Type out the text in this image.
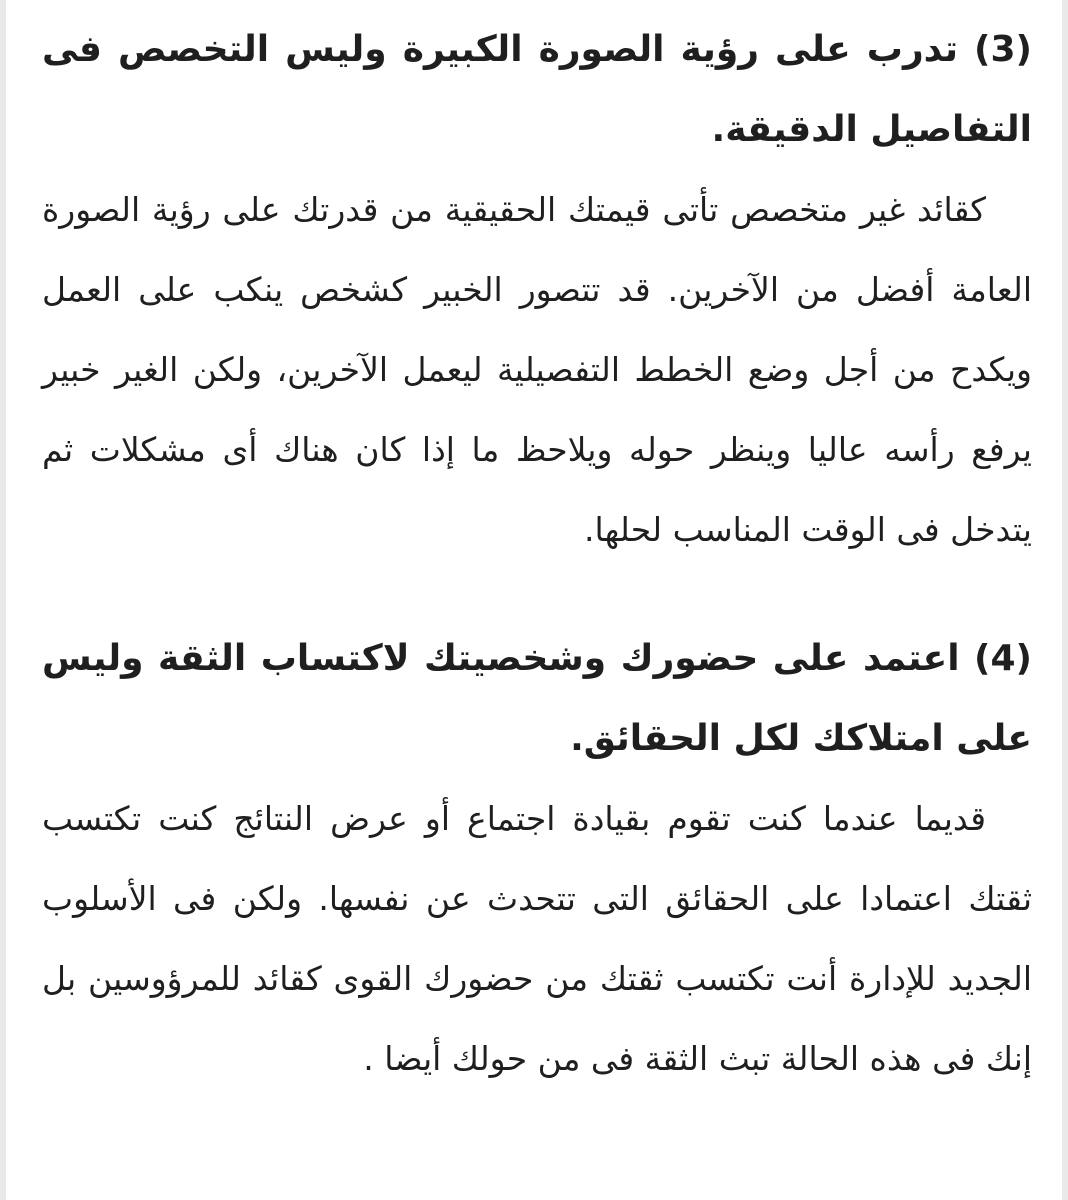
(3) تدرب على رؤية الصورة الكبيرة وليس التخصص فى التفاصيل الدقيقة.

كقائد غير متخصص تأتى قيمتك الحقيقية من قدرتك على رؤية الصورة العامة أفضل من الآخرين. قد تتصور الخبير كشخص ينكب على العمل ويكدح من أجل وضع الخطط التفصيلية ليعمل الآخرين، ولكن الغير خبير يرفع رأسه عاليا وينظر حوله ويلاحظ ما إذا كان هناك أى مشكلات ثم يتدخل فى الوقت المناسب لحلها.

(4) اعتمد على حضورك وشخصيتك لاكتساب الثقة وليس على امتلاكك لكل الحقائق.

قديما عندما كنت تقوم بقيادة اجتماع أو عرض النتائج كنت تكتسب ثقتك اعتمادا على الحقائق التى تتحدث عن نفسها. ولكن فى الأسلوب الجديد للإدارة أنت تكتسب ثقتك من حضورك القوى كقائد للمرؤوسين بل إنك فى هذه الحالة تبث الثقة فى من حولك أيضا .
